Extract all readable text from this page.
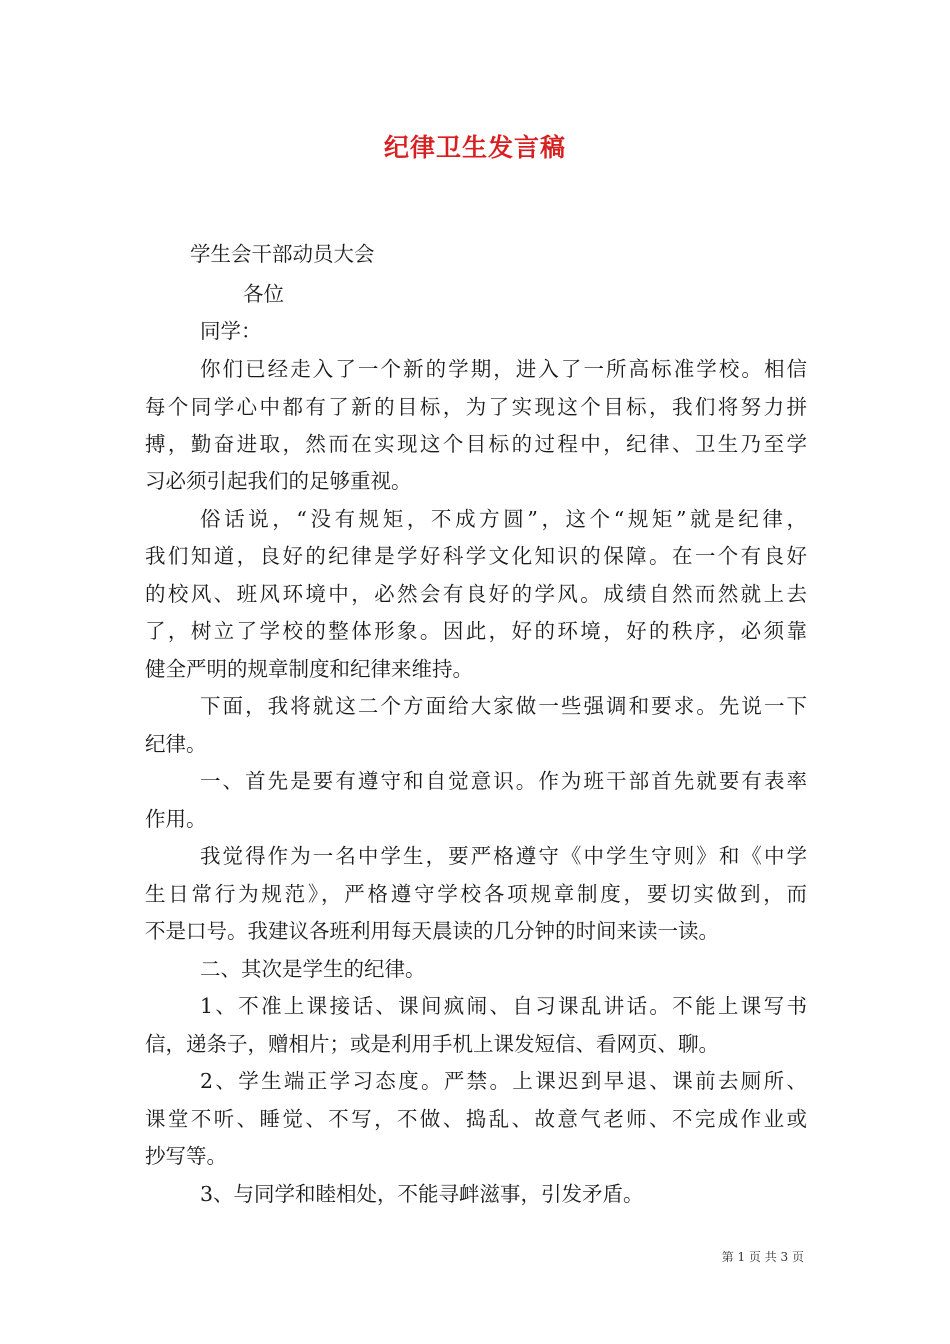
纪律卫生发言稿
学生会干部动员大会
各位
同学：
你们已经走入了一个新的学期，进入了一所高标准学校。相信
每个同学心中都有了新的目标，为了实现这个目标，我们将努力拼
搏，勤奋进取，然而在实现这个目标的过程中，纪律、卫生乃至学
习必须引起我们的足够重视。
俗话说，“没有规矩，不成方圆”，这个“规矩”就是纪律，
我们知道，良好的纪律是学好科学文化知识的保障。在一个有良好
的校风、班风环境中，必然会有良好的学风。成绩自然而然就上去
了，树立了学校的整体形象。因此，好的环境，好的秩序，必须靠
健全严明的规章制度和纪律来维持。
下面，我将就这二个方面给大家做一些强调和要求。先说一下
纪律。
一、首先是要有遵守和自觉意识。作为班干部首先就要有表率
作用。
我觉得作为一名中学生，要严格遵守《中学生守则》和《中学
生日常行为规范》，严格遵守学校各项规章制度，要切实做到，而
不是口号。我建议各班利用每天晨读的几分钟的时间来读一读。
二、其次是学生的纪律。
1、不准上课接话、课间疯闹、自习课乱讲话。不能上课写书
信，递条子，赠相片；或是利用手机上课发短信、看网页、聊。
2、学生端正学习态度。严禁。上课迟到早退、课前去厕所、
课堂不听、睡觉、不写，不做、捣乱、故意气老师、不完成作业或
抄写等。
3、与同学和睦相处，不能寻衅滋事，引发矛盾。
第 1 页 共 3 页
